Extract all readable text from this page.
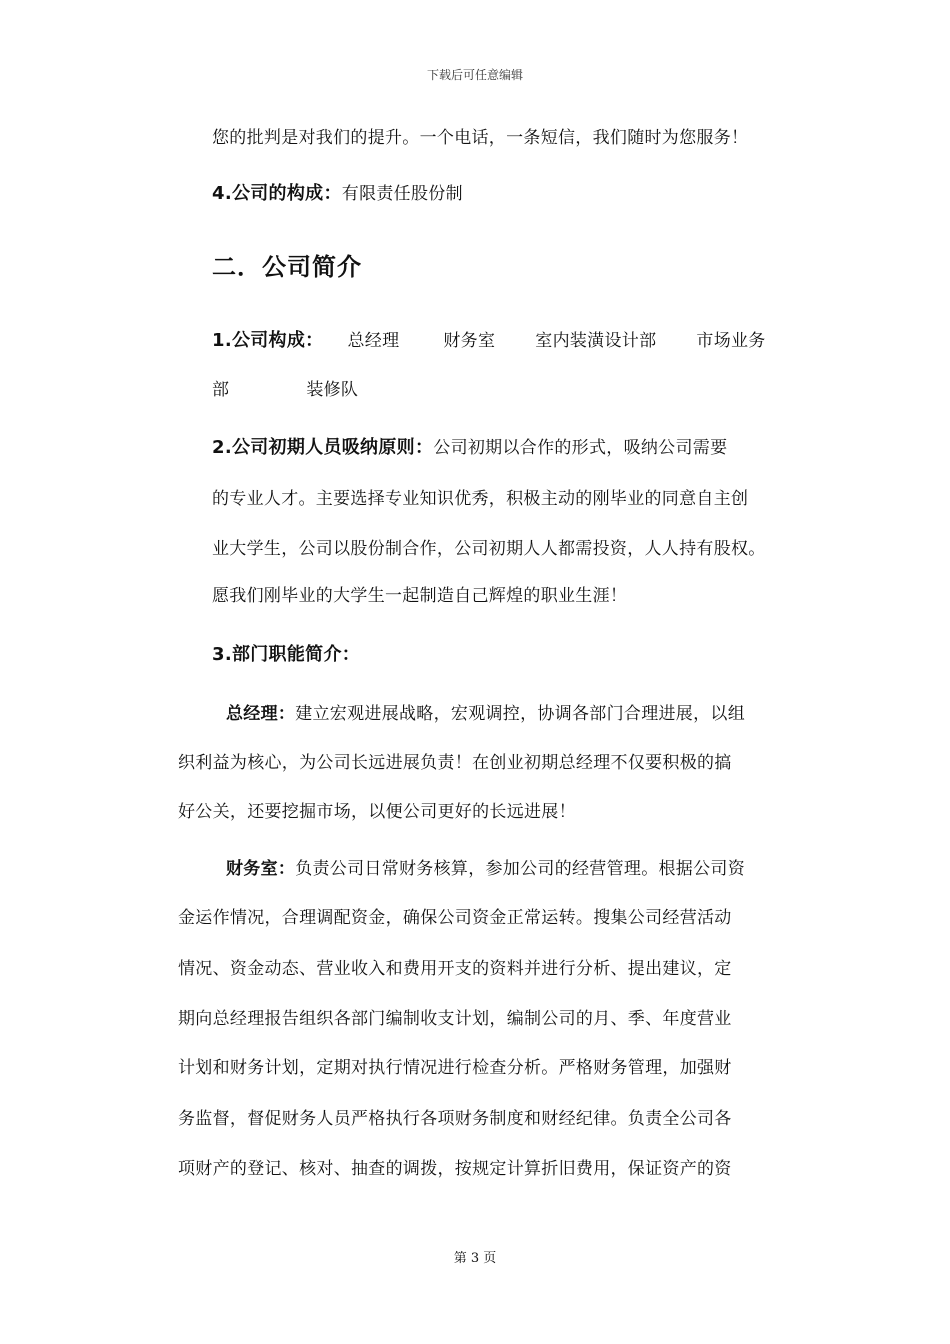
下载后可任意编辑
您的批判是对我们的提升。一个电话，一条短信，我们随时为您服务！
4.公司的构成：有限责任股份制
二．公司简介
1.公司构成： 总经理	财务室 室内装潢设计部 市场业务
部	装修队
2.公司初期人员吸纳原则：公司初期以合作的形式，吸纳公司需要
的专业人才。主要选择专业知识优秀，积极主动的刚毕业的同意自主创
业大学生，公司以股份制合作，公司初期人人都需投资，人人持有股权。
愿我们刚毕业的大学生一起制造自己辉煌的职业生涯！
3.部门职能简介：
总经理：建立宏观进展战略，宏观调控，协调各部门合理进展，以组
织利益为核心，为公司长远进展负责！在创业初期总经理不仅要积极的搞
好公关，还要挖掘市场，以便公司更好的长远进展！
财务室：负责公司日常财务核算，参加公司的经营管理。根据公司资
金运作情况，合理调配资金，确保公司资金正常运转。搜集公司经营活动
情况、资金动态、营业收入和费用开支的资料并进行分析、提出建议，定
期向总经理报告组织各部门编制收支计划，编制公司的月、季、年度营业
计划和财务计划，定期对执行情况进行检查分析。严格财务管理，加强财
务监督，督促财务人员严格执行各项财务制度和财经纪律。负责全公司各
项财产的登记、核对、抽查的调拨，按规定计算折旧费用，保证资产的资
第 3 页
